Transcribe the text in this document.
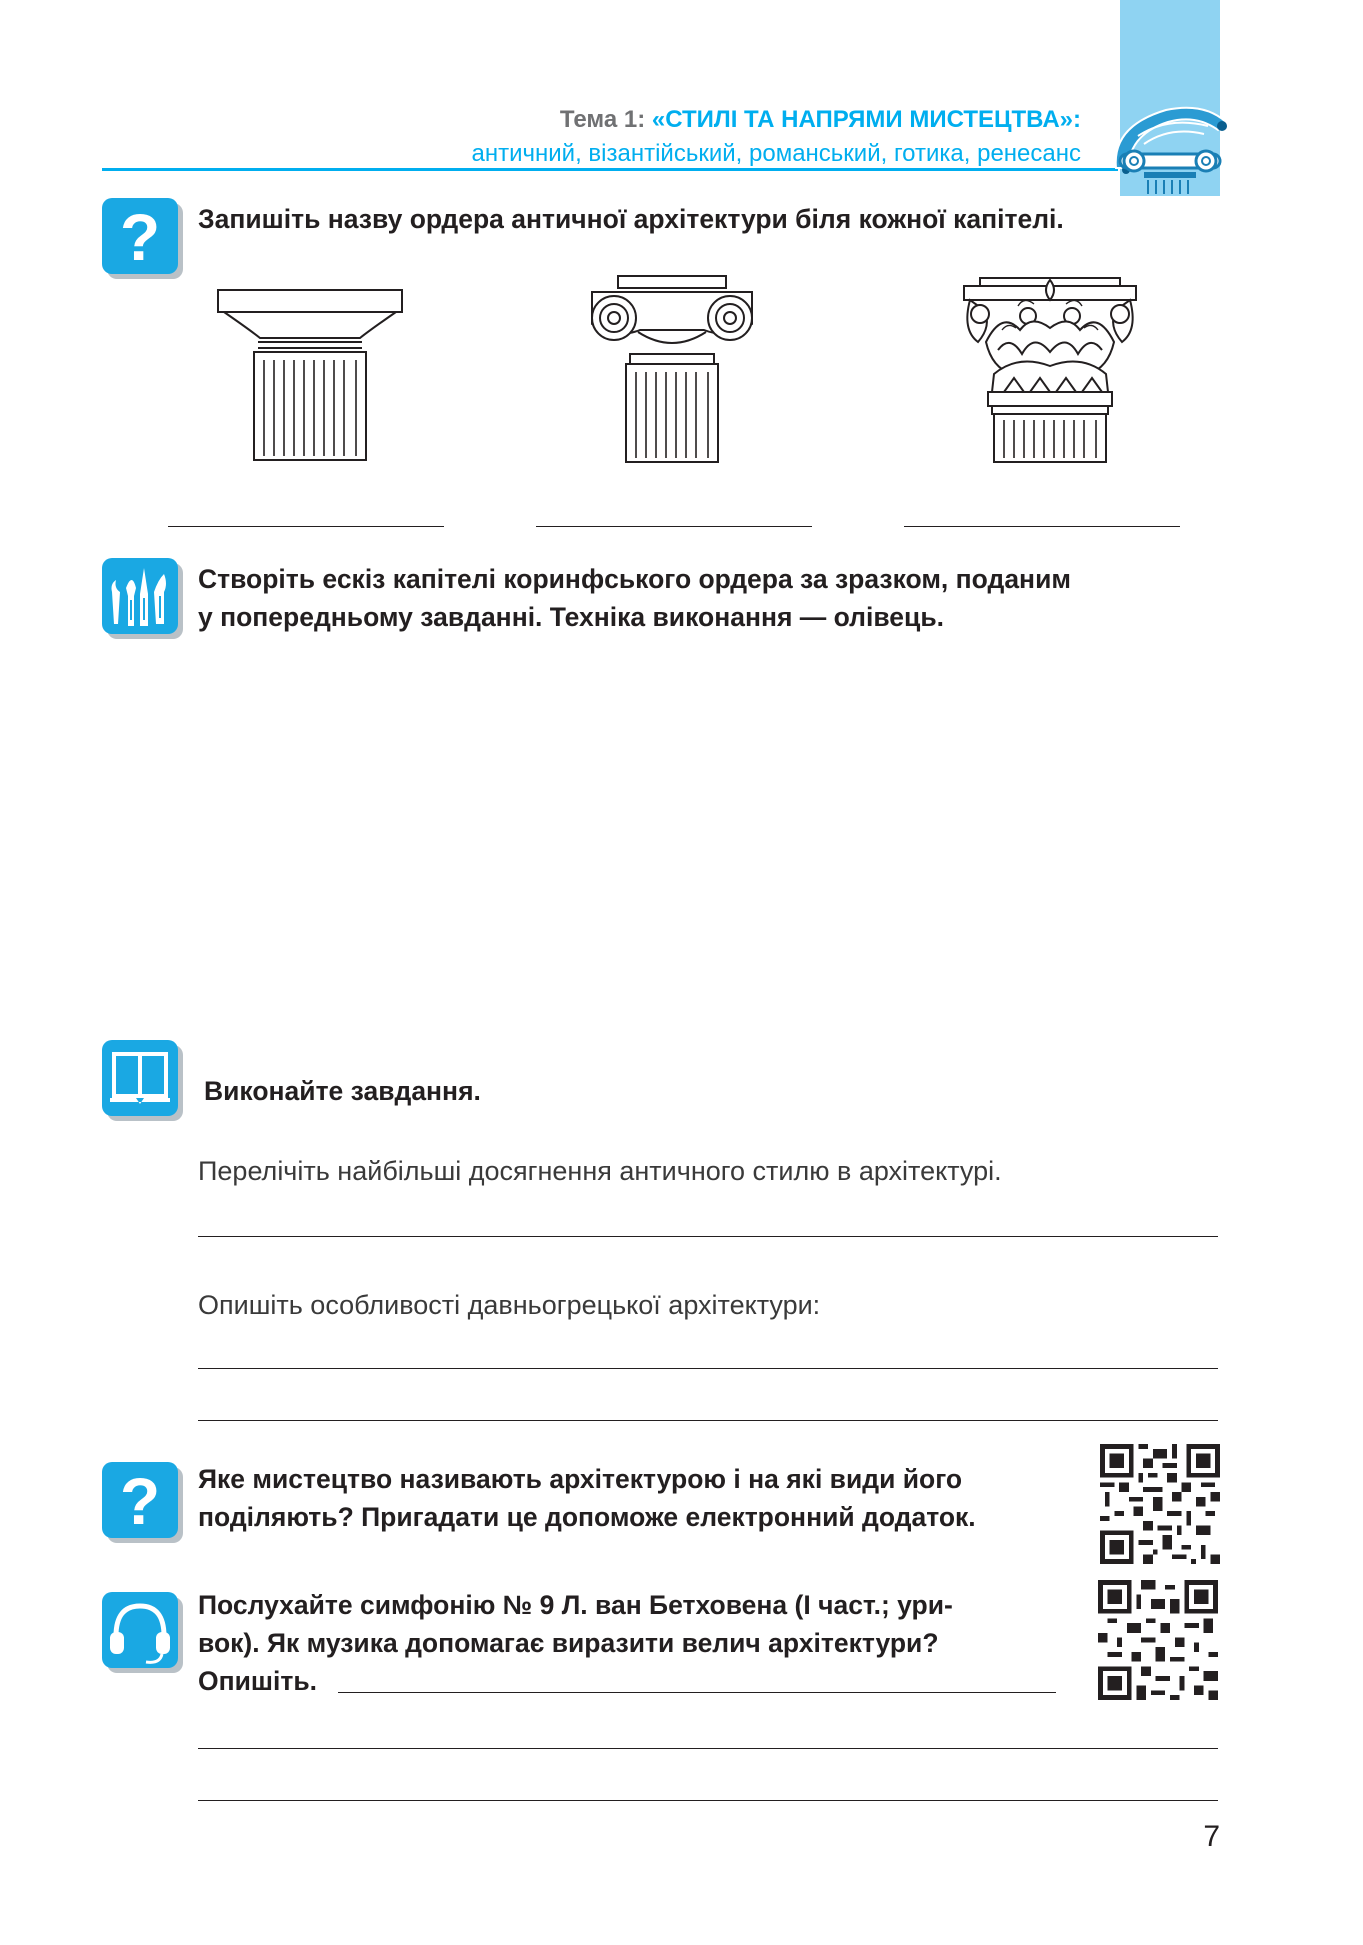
Тема 1: «СТИЛІ ТА НАПРЯМИ МИСТЕЦТВА»:
античний, візантійський, романський, готика, ренесанс
? Запишіть назву ордера античної архітектури біля кожної капітелі.
Створіть ескіз капітелі коринфського ордера за зразком, поданим
у попередньому завданні. Техніка виконання — олівець.
Виконайте завдання.
Перелічіть найбільші досягнення античного стилю в архітектурі.
Опишіть особливості давньогрецької архітектури:
? Яке мистецтво називають архітектурою і на які види його
поділяють? Пригадати це допоможе електронний додаток.
Послухайте симфонію № 9 Л. ван Бетховена (І част.; ури-
вок). Як музика допомагає виразити велич архітектури?
Опишіть.
7
